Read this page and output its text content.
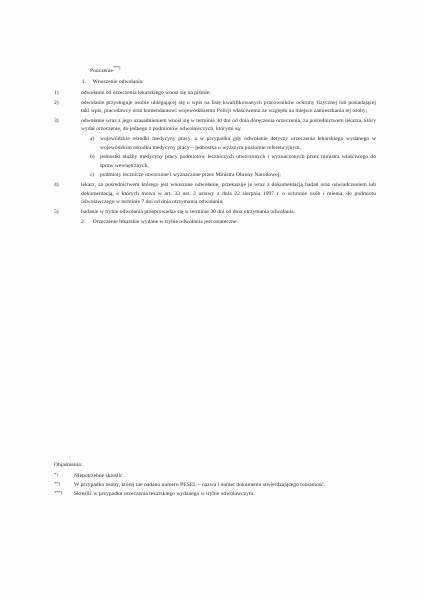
Pouczenie***)
1. Wnoszenie odwołania:
1)	odwołanie od orzeczenia lekarskiego wnosi się na piśmie;
2)	odwołanie przysługuje osobie ubiegającej się o wpis na listę kwalifikowanych pracowników ochrony fizycznej lub posiadającej taki wpis, pracodawcy oraz komendantowi wojewódzkiemu Policji właściwemu ze względu na miejsce zamieszkania tej osoby;
3)	odwołanie wraz z jego uzasadnieniem wnosi się w terminie 30 dni od dnia doręczenia orzeczenia, za pośrednictwem lekarza, który wydał orzeczenie, do jednego z podmiotów odwoławczych, którymi są:
a) wojewódzkie ośrodki medycyny pracy, a w przypadku gdy odwołanie dotyczy orzeczenia lekarskiego wydanego w wojewódzkim ośrodku medycyny pracy – jednostka o wyższym poziomie referencyjnym,
b) jednostki służby medycyny pracy podmiotów leczniczych utworzonych i wyznaczonych przez ministra właściwego do spraw wewnętrznych,
c) podmioty lecznicze utworzone i wyznaczone przez Ministra Obrony Narodowej;
4)	lekarz, za pośrednictwem którego jest wnoszone odwołanie, przekazuje je wraz z dokumentacją badań oraz oświadczeniem lub dokumentacją, o których mowa w art. 33 ust. 2 ustawy z dnia 22 sierpnia 1997 r. o ochronie osób i mienia, do podmiotu odwoławczego w terminie 7 dni od dnia otrzymania odwołania;
5)	badanie w trybie odwołania przeprowadza się w terminie 30 dni od dnia otrzymania odwołania.
2. Orzeczenie lekarskie wydane w trybie odwołania jest ostateczne.
Objaśnienia:
*)	Niepotrzebne skreślić.
**)	W przypadku osoby, której nie nadano numeru PESEL – nazwa i numer dokumentu stwierdzającego tożsamość.
***) Skreślić w przypadku orzeczenia lekarskiego wydanego w trybie odwoławczym.
